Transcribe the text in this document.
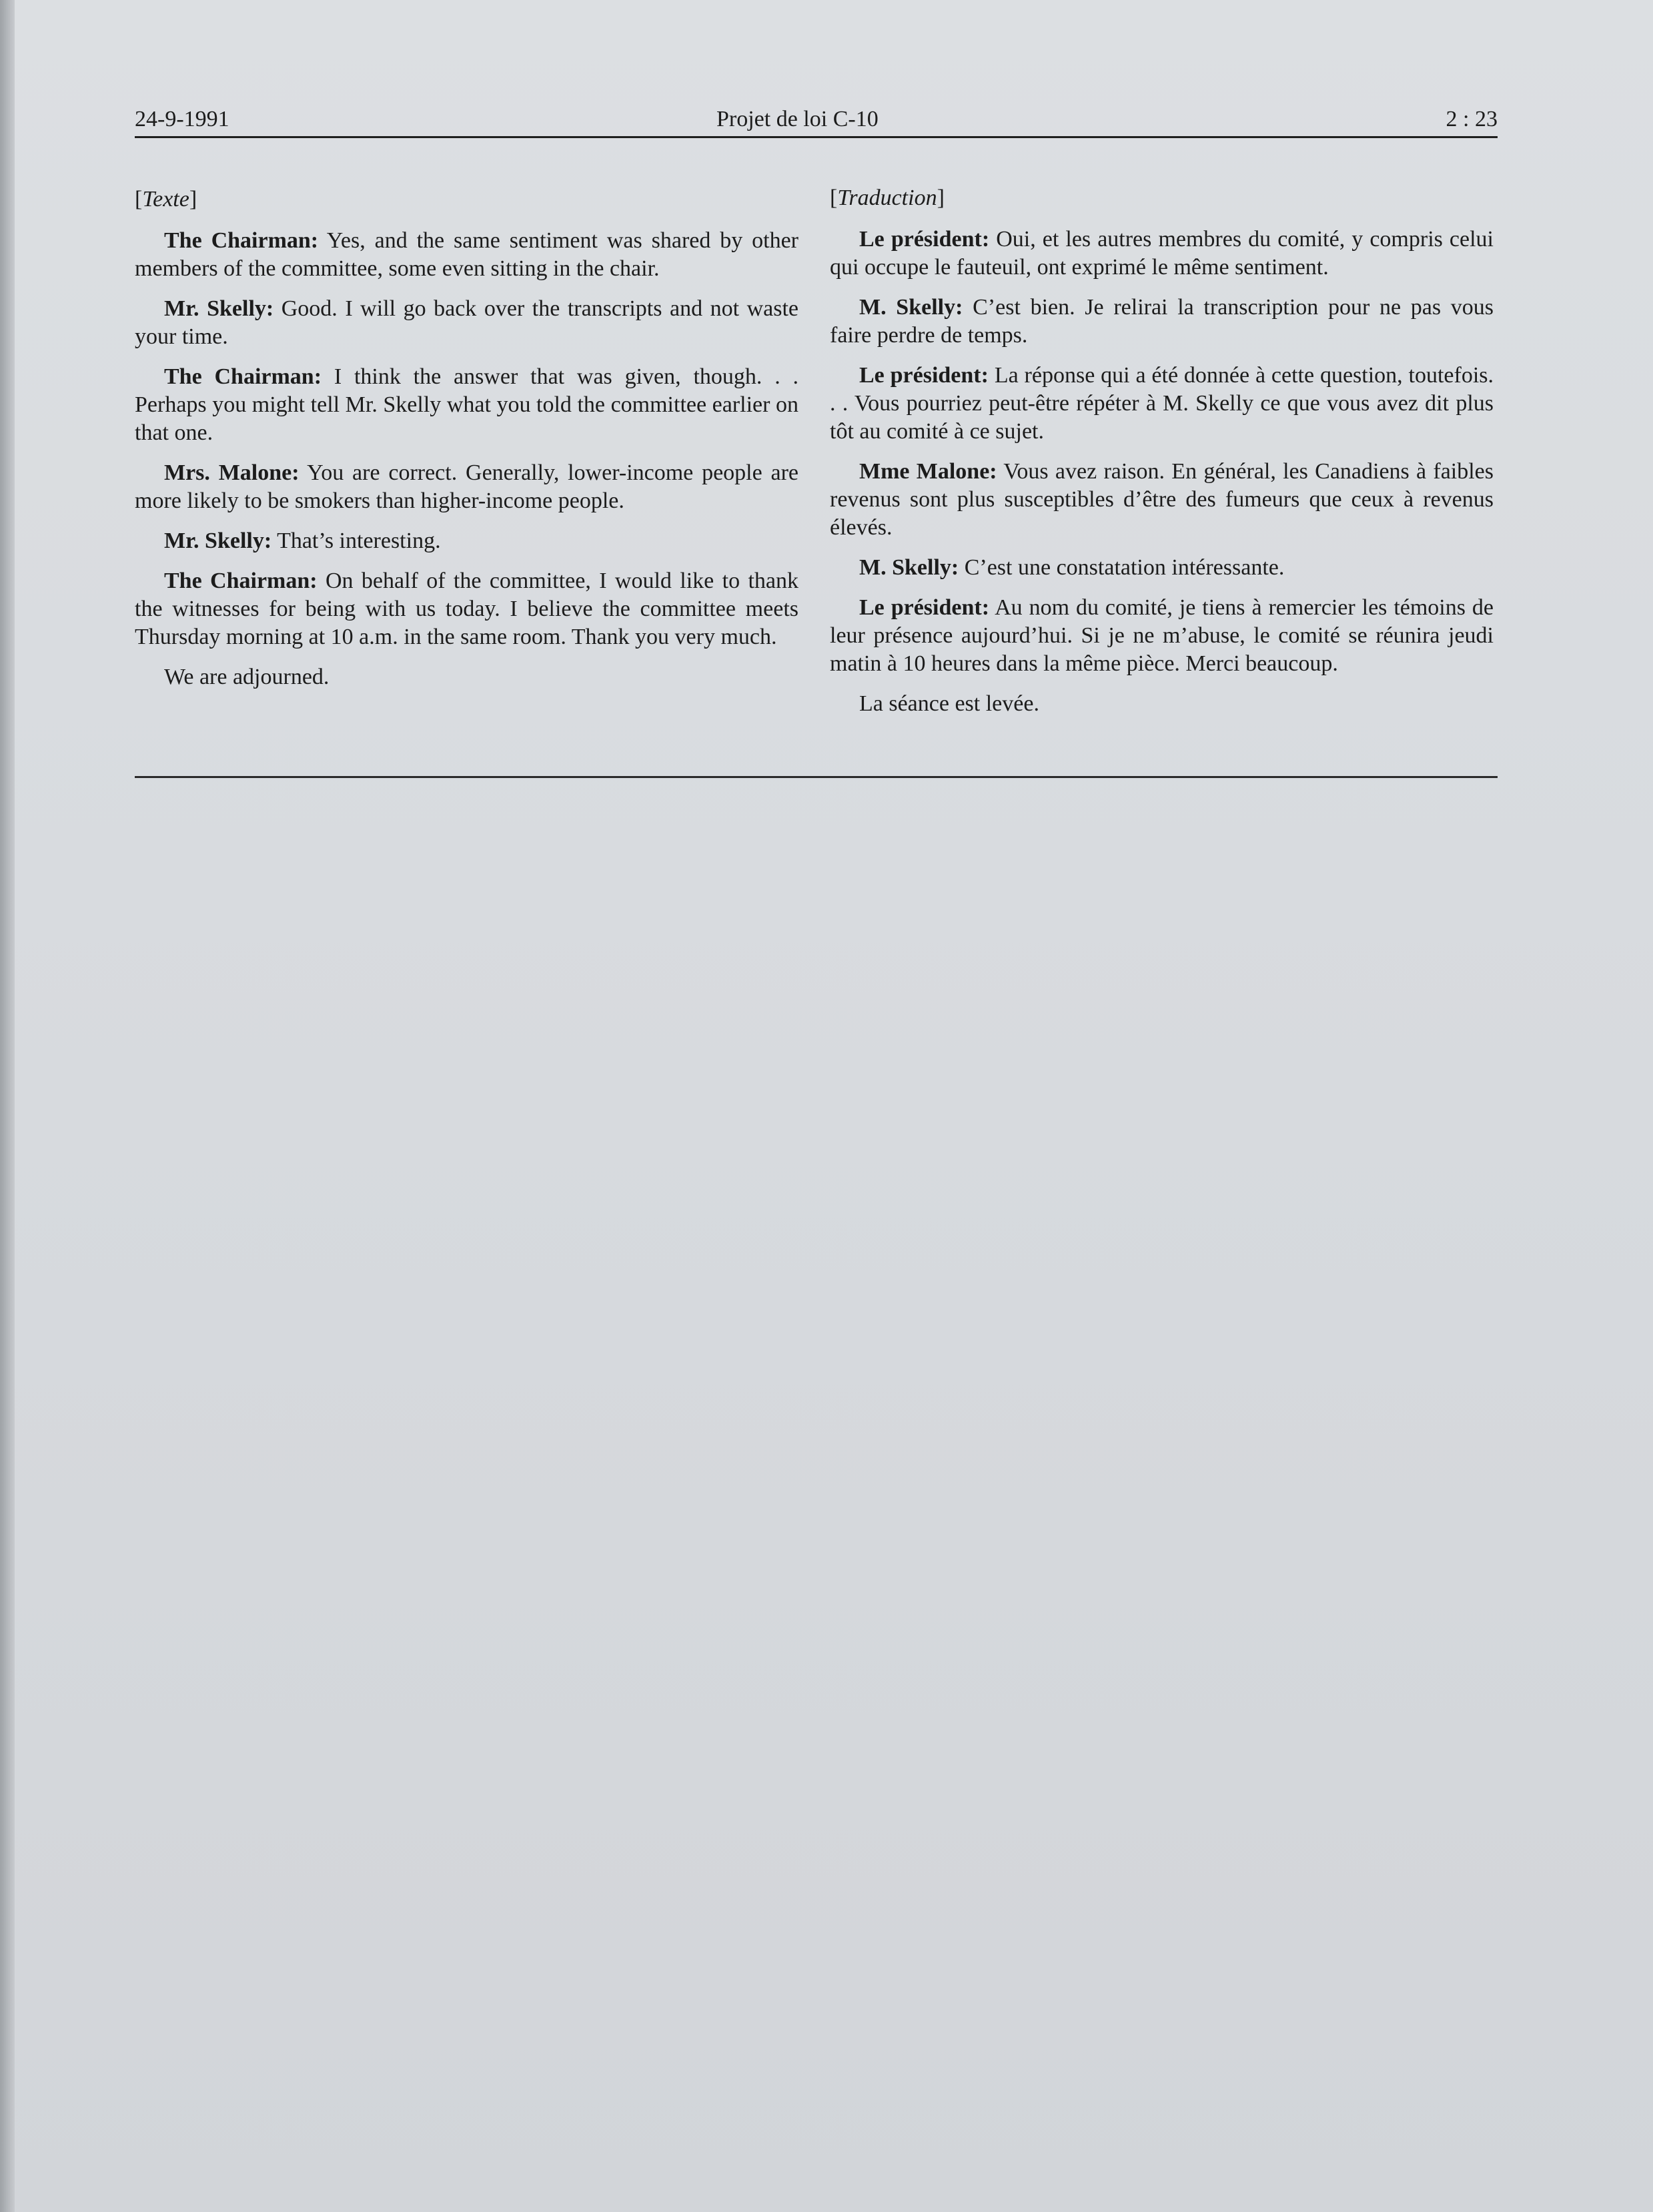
24-9-1991	Projet de loi C-10	2 : 23
[Texte]

The Chairman: Yes, and the same sentiment was shared by other members of the committee, some even sitting in the chair.

Mr. Skelly: Good. I will go back over the transcripts and not waste your time.

The Chairman: I think the answer that was given, though. . . Perhaps you might tell Mr. Skelly what you told the committee earlier on that one.

Mrs. Malone: You are correct. Generally, lower-income people are more likely to be smokers than higher-income people.

Mr. Skelly: That’s interesting.

The Chairman: On behalf of the committee, I would like to thank the witnesses for being with us today. I believe the committee meets Thursday morning at 10 a.m. in the same room. Thank you very much.

We are adjourned.

[Traduction]

Le président: Oui, et les autres membres du comité, y compris celui qui occupe le fauteuil, ont exprimé le même sentiment.

M. Skelly: C’est bien. Je relirai la transcription pour ne pas vous faire perdre de temps.

Le président: La réponse qui a été donnée à cette question, toutefois. . . Vous pourriez peut-être répéter à M. Skelly ce que vous avez dit plus tôt au comité à ce sujet.

Mme Malone: Vous avez raison. En général, les Canadiens à faibles revenus sont plus susceptibles d’être des fumeurs que ceux à revenus élevés.

M. Skelly: C’est une constatation intéressante.

Le président: Au nom du comité, je tiens à remercier les témoins de leur présence aujourd’hui. Si je ne m’abuse, le comité se réunira jeudi matin à 10 heures dans la même pièce. Merci beaucoup.

La séance est levée.
